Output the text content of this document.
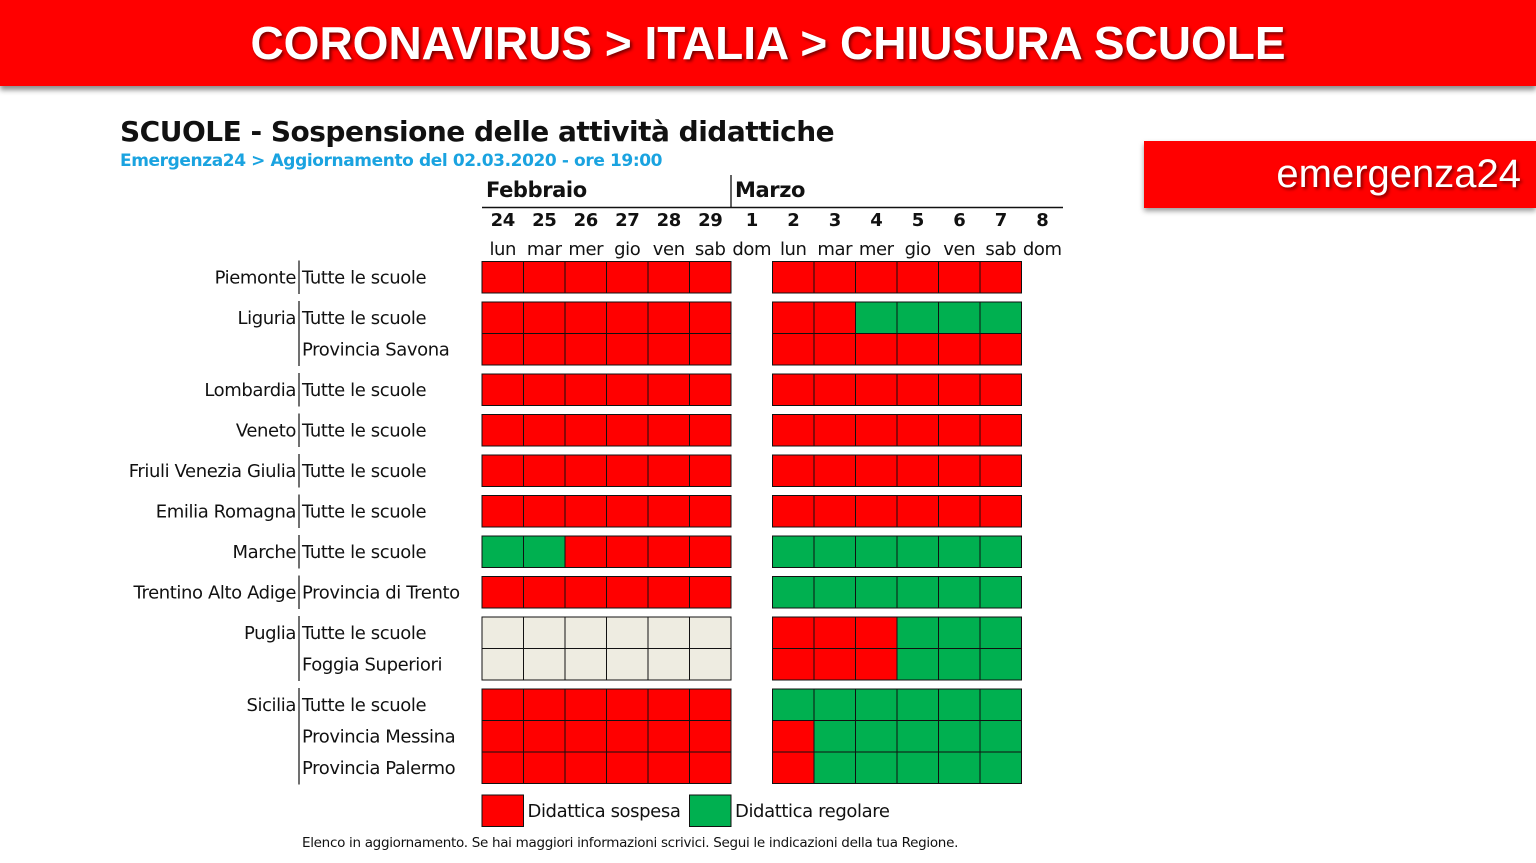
CORONAVIRUS > ITALIA > CHIUSURA SCUOLE
emergenza24
SCUOLE - Sospensione delle attività didattiche
Emergenza24 > Aggiornamento del 02.03.2020 - ore 19:00
Febbraio	Marzo
24
lun
25
mar
26
mer
27
gio
28
ven
29
sab
1
dom
2
lun
3
mar
4
mer
5
gio
6
ven
7
sab
8
dom
Piemonte Tutte le scuole
Liguria Tutte le scuole
Provincia Savona
Lombardia Tutte le scuole
Veneto Tutte le scuole
Friuli Venezia Giulia Tutte le scuole
Emilia Romagna Tutte le scuole
Marche Tutte le scuole
Trentino Alto Adige Provincia di Trento
Puglia Tutte le scuole
Foggia Superiori
Sicilia Tutte le scuole
Provincia Messina
Provincia Palermo
Didattica sospesa	Didattica regolare
Elenco in aggiornamento. Se hai maggiori informazioni scrivici. Segui le indicazioni della tua Regione.
